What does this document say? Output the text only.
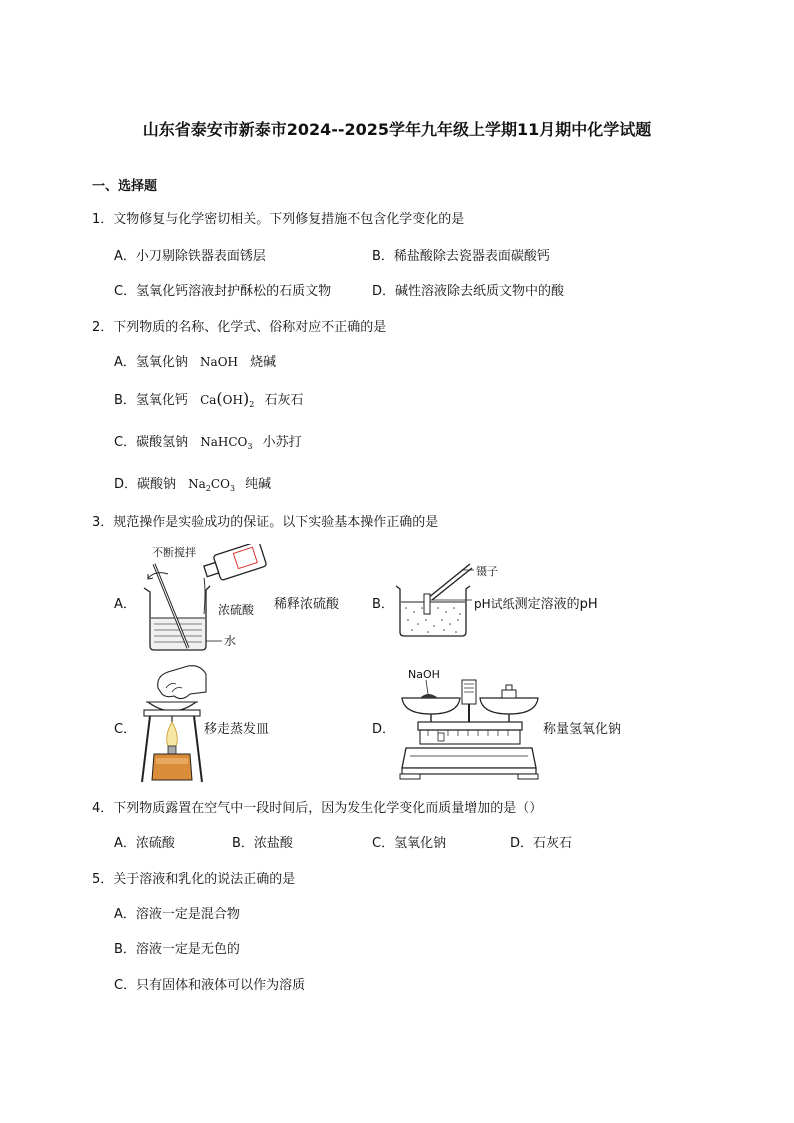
山东省泰安市新泰市2024--2025学年九年级上学期11月期中化学试题
一、选择题
1．文物修复与化学密切相关。下列修复措施不包含化学变化的是
A．小刀剔除铁器表面锈层	B．稀盐酸除去瓷器表面碳酸钙
C．氢氧化钙溶液封护酥松的石质文物	D．碱性溶液除去纸质文物中的酸
2．下列物质的名称、化学式、俗称对应不正确的是
A．氢氧化钠 NaOH 烧碱
B．氢氧化钙 $Ca(OH)_2$ 石灰石
C．碳酸氢钠 NaHCO$_3$ 小苏打
D．碳酸钠 $Na_2CO_3$ 纯碱
3．规范操作是实验成功的保证。以下实验基本操作正确的是
A．
不断搅拌
浓硫酸
水
稀释浓硫酸	B．
镊子
pH试纸测定溶液的pH
C．	移走蒸发皿	D．
NaOH
称量氢氧化钠
4．下列物质露置在空气中一段时间后，因为发生化学变化而质量增加的是（）
A．浓硫酸	B．浓盐酸	C．氢氧化钠	D．石灰石
5．关于溶液和乳化的说法正确的是
A．溶液一定是混合物
B．溶液一定是无色的
C．只有固体和液体可以作为溶质
